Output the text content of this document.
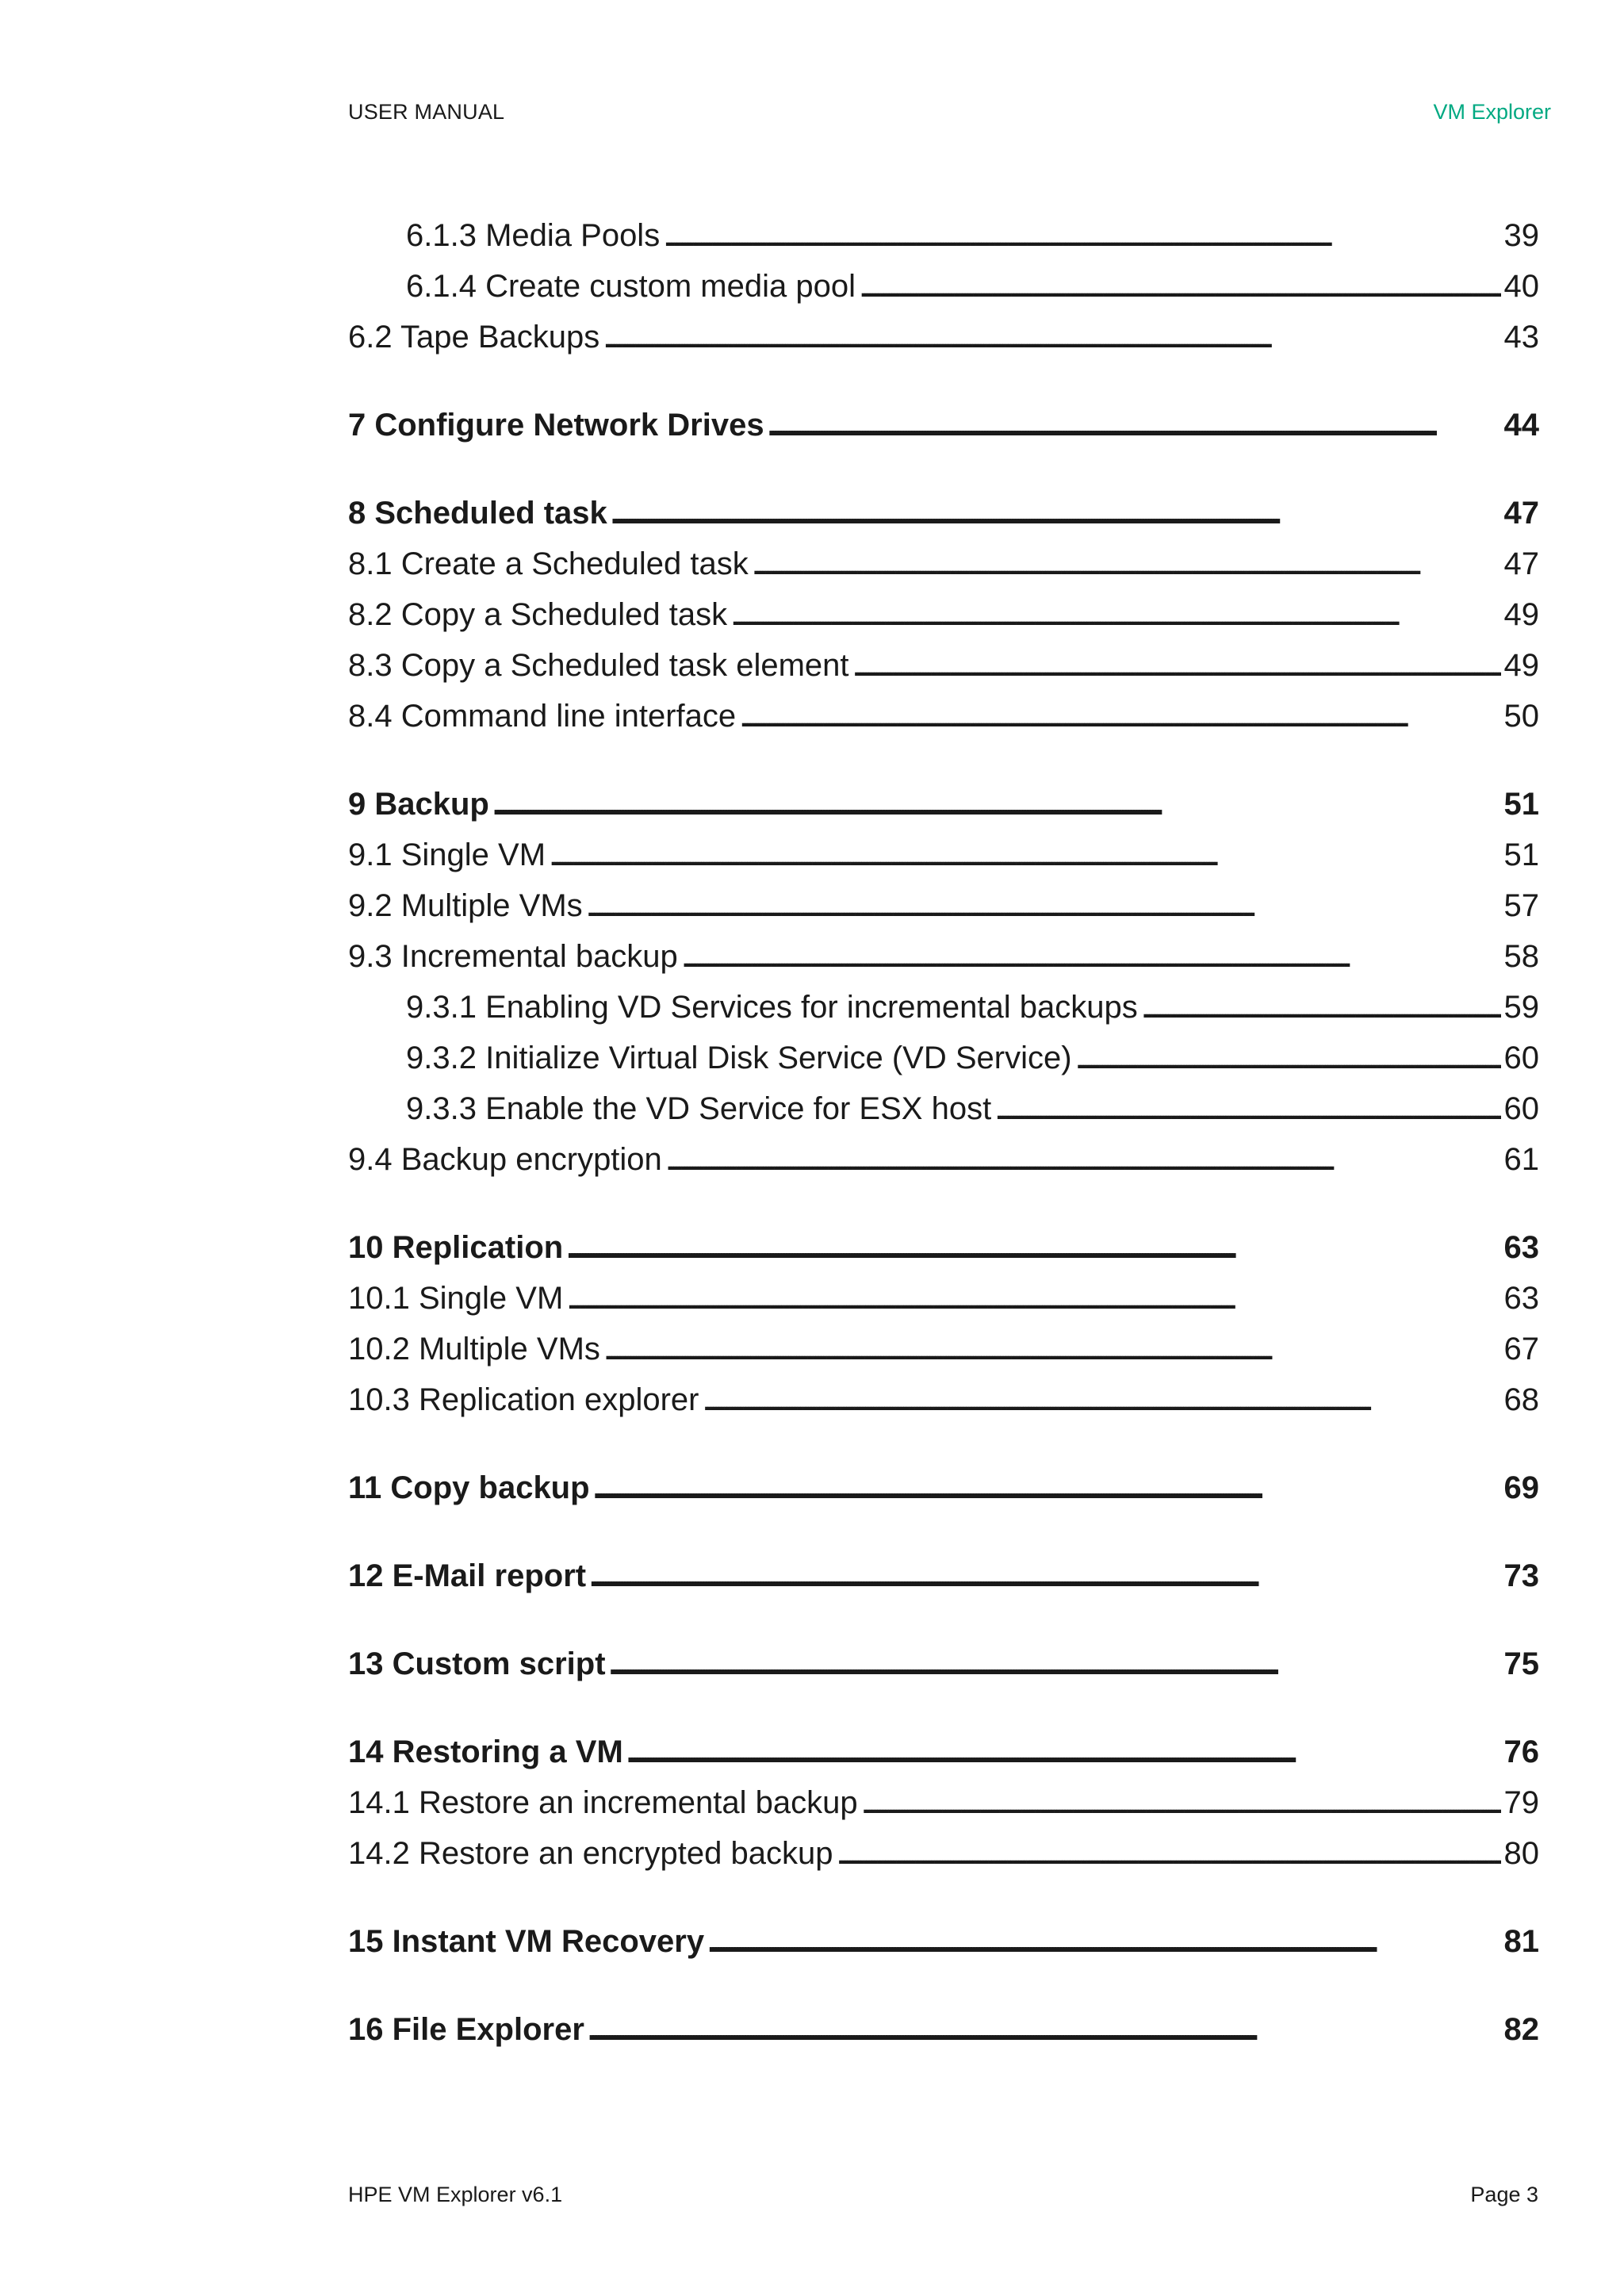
USER MANUAL	VM Explorer
6.1.3 Media Pools . . .	39
6.1.4 Create custom media pool . . .	40
6.2 Tape Backups . . .	43
7 Configure Network Drives . . .	44
8 Scheduled task . . .	47
8.1 Create a Scheduled task . . .	47
8.2 Copy a Scheduled task . . .	49
8.3 Copy a Scheduled task element . . .	49
8.4 Command line interface . . .	50
9 Backup . . .	51
9.1 Single VM . . .	51
9.2 Multiple VMs . . .	57
9.3 Incremental backup . . .	58
9.3.1 Enabling VD Services for incremental backups . . .	59
9.3.2 Initialize Virtual Disk Service (VD Service) . . .	60
9.3.3 Enable the VD Service for ESX host . . .	60
9.4 Backup encryption . . .	61
10 Replication . . .	63
10.1 Single VM . . .	63
10.2 Multiple VMs . . .	67
10.3 Replication explorer . . .	68
11 Copy backup . . .	69
12 E-Mail report . . .	73
13 Custom script . . .	75
14 Restoring a VM . . .	76
14.1 Restore an incremental backup . . .	79
14.2 Restore an encrypted backup . . .	80
15 Instant VM Recovery . . .	81
16 File Explorer . . .	82
HPE VM Explorer v6.1	Page 3
